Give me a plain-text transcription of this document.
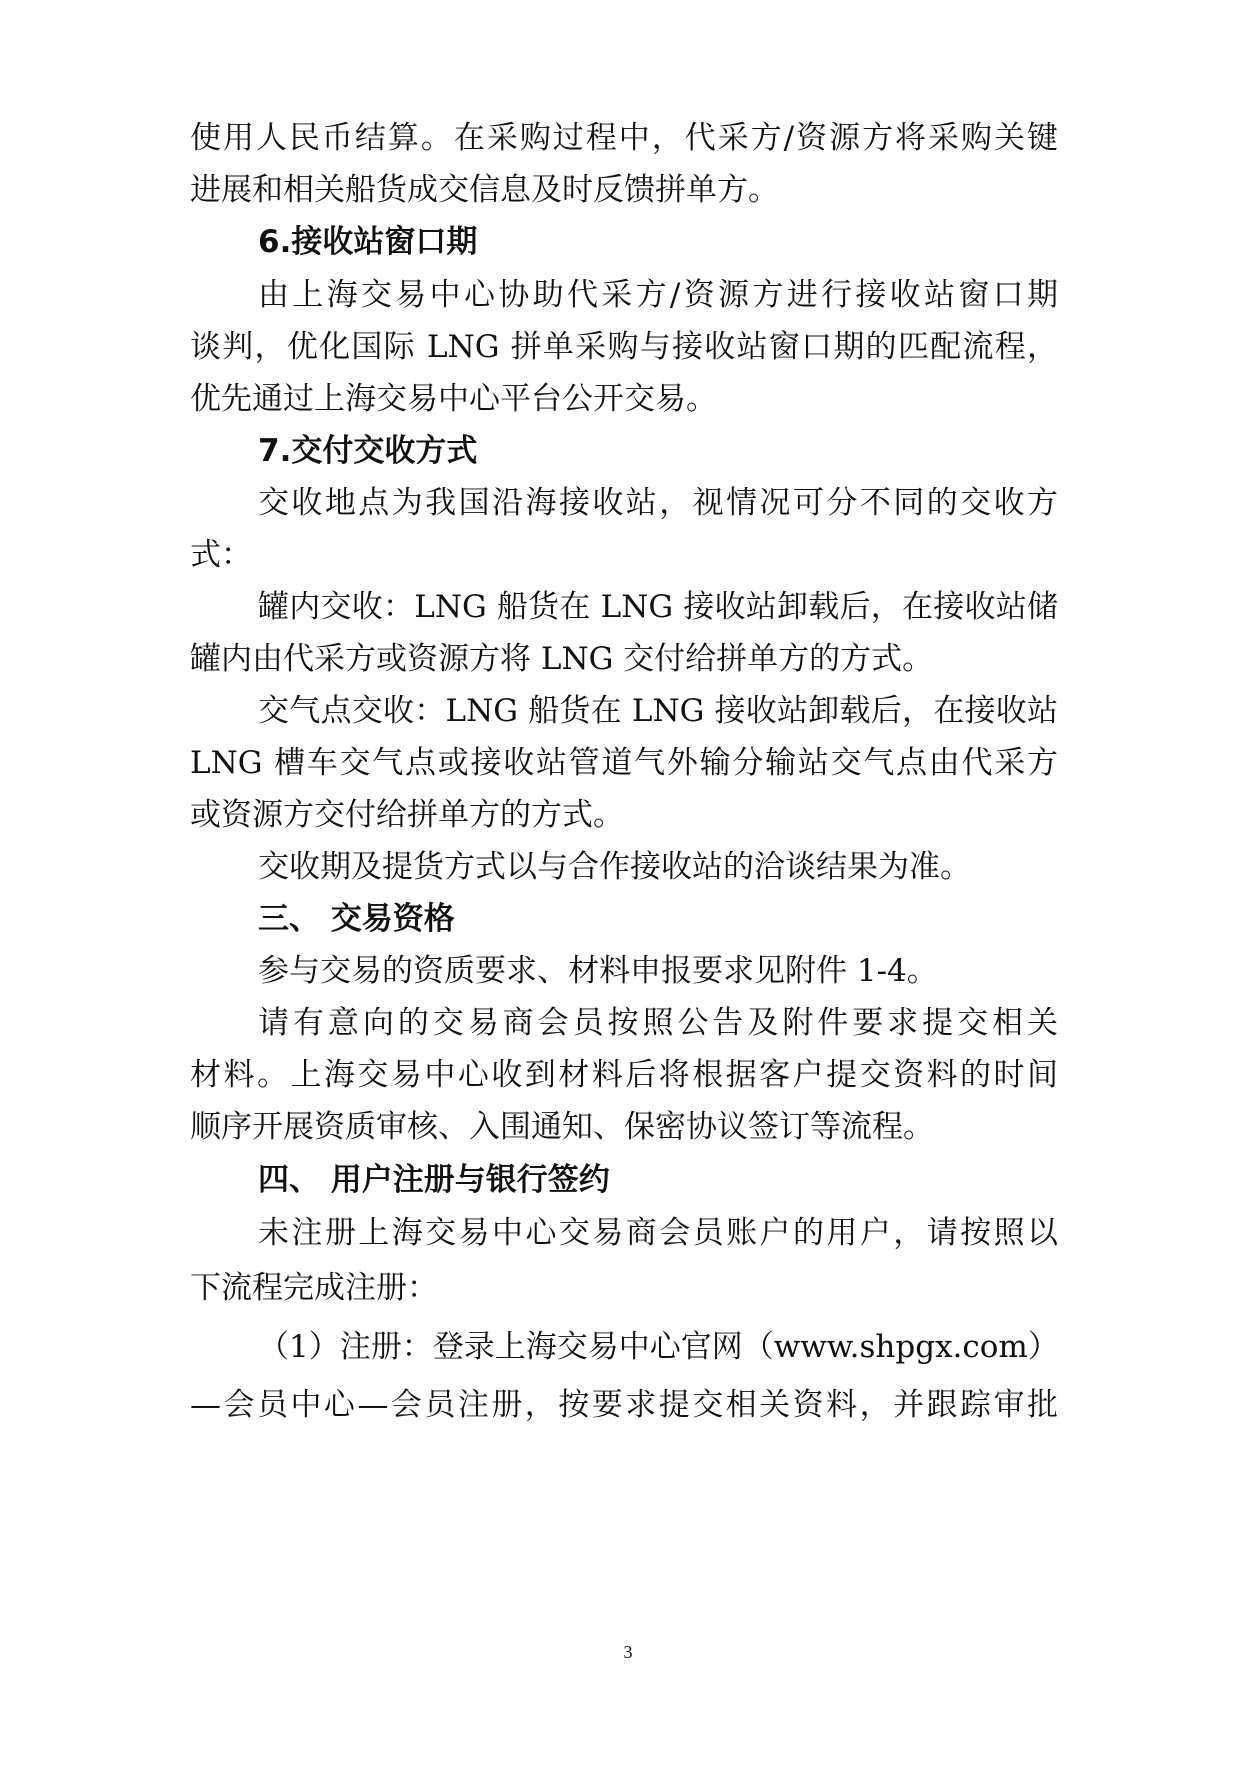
使用人民币结算。在采购过程中，代采方/资源方将采购关键
进展和相关船货成交信息及时反馈拼单方。
6.接收站窗口期
由上海交易中心协助代采方/资源方进行接收站窗口期
谈判，优化国际 LNG 拼单采购与接收站窗口期的匹配流程，
优先通过上海交易中心平台公开交易。
7.交付交收方式
交收地点为我国沿海接收站，视情况可分不同的交收方
式：
罐内交收：LNG 船货在 LNG 接收站卸载后，在接收站储
罐内由代采方或资源方将 LNG 交付给拼单方的方式。
交气点交收：LNG 船货在 LNG 接收站卸载后，在接收站
LNG 槽车交气点或接收站管道气外输分输站交气点由代采方
或资源方交付给拼单方的方式。
交收期及提货方式以与合作接收站的洽谈结果为准。
三、 交易资格
参与交易的资质要求、材料申报要求见附件 1-4。
请有意向的交易商会员按照公告及附件要求提交相关
材料。上海交易中心收到材料后将根据客户提交资料的时间
顺序开展资质审核、入围通知、保密协议签订等流程。
四、 用户注册与银行签约
未注册上海交易中心交易商会员账户的用户，请按照以
下流程完成注册：
（1）注册：登录上海交易中心官网（www.shpgx.com）
—会员中心—会员注册，按要求提交相关资料，并跟踪审批
3
